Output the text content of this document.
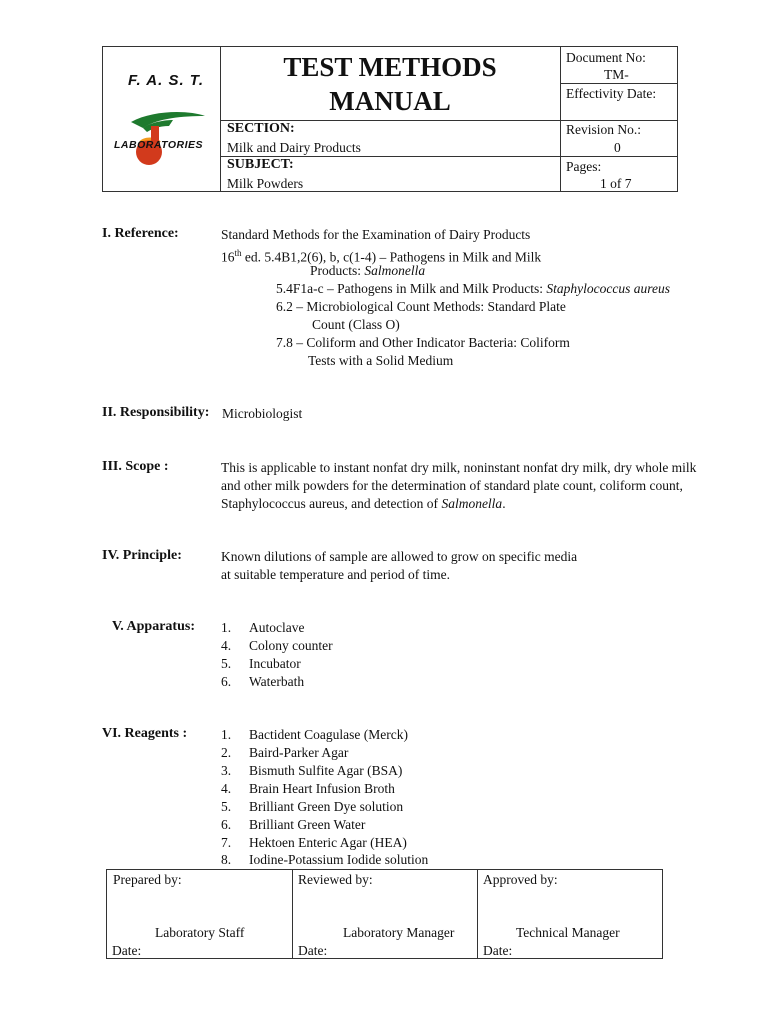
F. A. S. T.
LABORATORIES
TEST METHODS
MANUAL
Document No:
TM-
Effectivity Date:
SECTION:
Milk and Dairy Products
Revision No.:
0
SUBJECT:
Milk Powders
Pages:
1 of 7
I. Reference:	Standard Methods for the Examination of Dairy Products
16th ed. 5.4B1,2(6), b, c(1-4) – Pathogens in Milk and Milk
Products: Salmonella
5.4F1a-c – Pathogens in Milk and Milk Products: Staphylococcus aureus
6.2 – Microbiological Count Methods: Standard Plate
Count (Class O)
7.8 – Coliform and Other Indicator Bacteria: Coliform
Tests with a Solid Medium
II. Responsibility: Microbiologist
III. Scope :	This is applicable to instant nonfat dry milk, noninstant nonfat dry milk, dry whole milk
and other milk powders for the determination of standard plate count, coliform count,
Staphylococcus aureus, and detection of Salmonella.
IV. Principle:	Known dilutions of sample are allowed to grow on specific media
at suitable temperature and period of time.
V. Apparatus: 1. Autoclave
4. Colony counter
5. Incubator
6. Waterbath
VI. Reagents :	1. Bactident Coagulase (Merck)
2. Baird-Parker Agar
3. Bismuth Sulfite Agar (BSA)
4. Brain Heart Infusion Broth
5. Brilliant Green Dye solution
6. Brilliant Green Water
7. Hektoen Enteric Agar (HEA)
8. Iodine-Potassium Iodide solution
Prepared by:
Laboratory Staff
Date:
Reviewed by:
Laboratory Manager
Date:
Approved by:
Technical Manager
Date:
